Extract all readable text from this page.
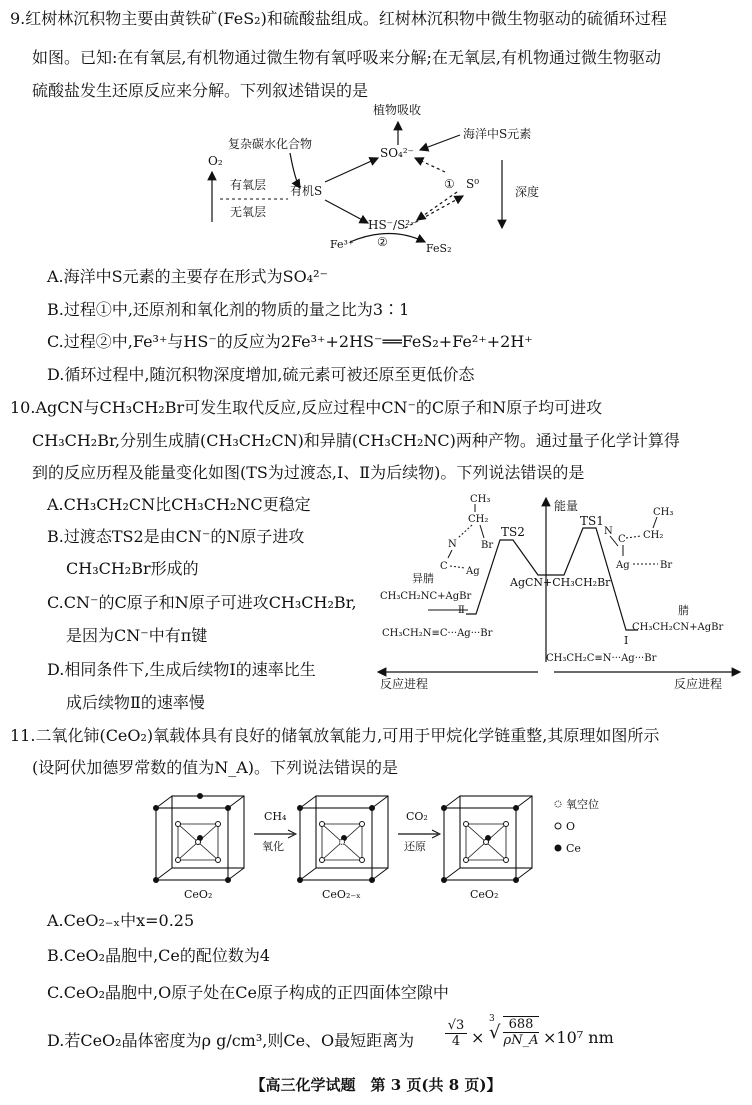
9.红树林沉积物主要由黄铁矿(FeS₂)和硫酸盐组成。红树林沉积物中微生物驱动的硫循环过程
如图。已知:在有氧层,有机物通过微生物有氧呼吸来分解;在无氧层,有机物通过微生物驱动
硫酸盐发生还原反应来分解。下列叙述错误的是
植物吸收
SO₄²⁻
海洋中S元素
复杂碳水化合物
O₂
有氧层
无氧层
有机S	① S⁰
HS⁻/S²⁻
Fe³⁺ ②	FeS₂
深度
A.海洋中S元素的主要存在形式为SO₄²⁻
B.过程①中,还原剂和氧化剂的物质的量之比为3∶1
C.过程②中,Fe³⁺与HS⁻的反应为2Fe³⁺+2HS⁻══FeS₂+Fe²⁺+2H⁺
D.循环过程中,随沉积物深度增加,硫元素可被还原至更低价态
10.AgCN与CH₃CH₂Br可发生取代反应,反应过程中CN⁻的C原子和N原子均可进攻
CH₃CH₂Br,分别生成腈(CH₃CH₂CN)和异腈(CH₃CH₂NC)两种产物。通过量子化学计算得
到的反应历程及能量变化如图(TS为过渡态,Ⅰ、Ⅱ为后续物)。下列说法错误的是
A.CH₃CH₂CN比CH₃CH₂NC更稳定
B.过渡态TS2是由CN⁻的N原子进攻
CH₃CH₂Br形成的
C.CN⁻的C原子和N原子可进攻CH₃CH₂Br,
是因为CN⁻中有π键
D.相同条件下,生成后续物Ⅰ的速率比生
成后续物Ⅱ的速率慢
能量
反应进程	反应进程
TS2
TS1
AgCN+CH₃CH₂Br
异腈
CH₃CH₂NC+AgBr
Ⅱ
CH₃CH₂N≡C···Ag···Br
腈
CH₃CH₂CN+AgBr
Ⅰ
CH₃CH₂C≡N···Ag···Br
CH₃
CH₂
Br
N
C Ag
CH₃
CH₂
N
C
Ag	Br
11.二氧化铈(CeO₂)氧载体具有良好的储氧放氧能力,可用于甲烷化学链重整,其原理如图所示
(设阿伏加德罗常数的值为N_A)。下列说法错误的是
CeO₂
CH₄
氧化
CeO₂₋ₓ
CO₂
还原
CeO₂
氧空位
O
Ce
A.CeO₂₋ₓ中x=0.25
B.CeO₂晶胞中,Ce的配位数为4
C.CeO₂晶胞中,O原子处在Ce原子构成的正四面体空隙中
D.若CeO₂晶体密度为ρ g/cm³,则Ce、O最短距离为
√3
4 ×
3
√ $\frac{688}{\rho N\_A} \times 10^7$ nm
【高三化学试题　第 3 页(共 8 页)】
